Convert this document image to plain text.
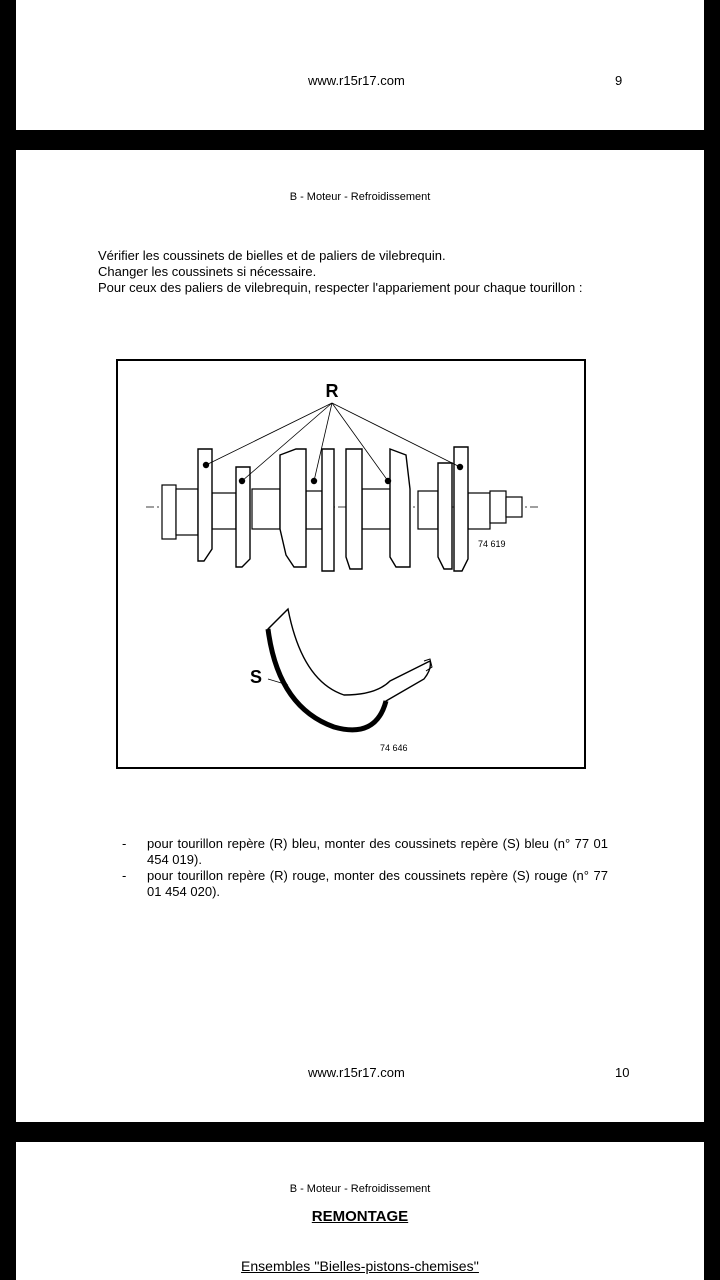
www.r15r17.com	9
B - Moteur - Refroidissement

Vérifier les coussinets de bielles et de paliers de vilebrequin.

Changer les coussinets si nécessaire.

Pour ceux des paliers de vilebrequin, respecter l'appariement pour chaque tourillon :

R
74 619
S
74 646
- pour tourillon repère (R) bleu, monter des coussinets repère (S) bleu (n° 77 01 454 019).
- pour tourillon repère (R) rouge, monter des coussinets repère (S) rouge (n° 77 01 454 020).
www.r15r17.com	10
B - Moteur - Refroidissement
REMONTAGE
Ensembles ''Bielles-pistons-chemises''
